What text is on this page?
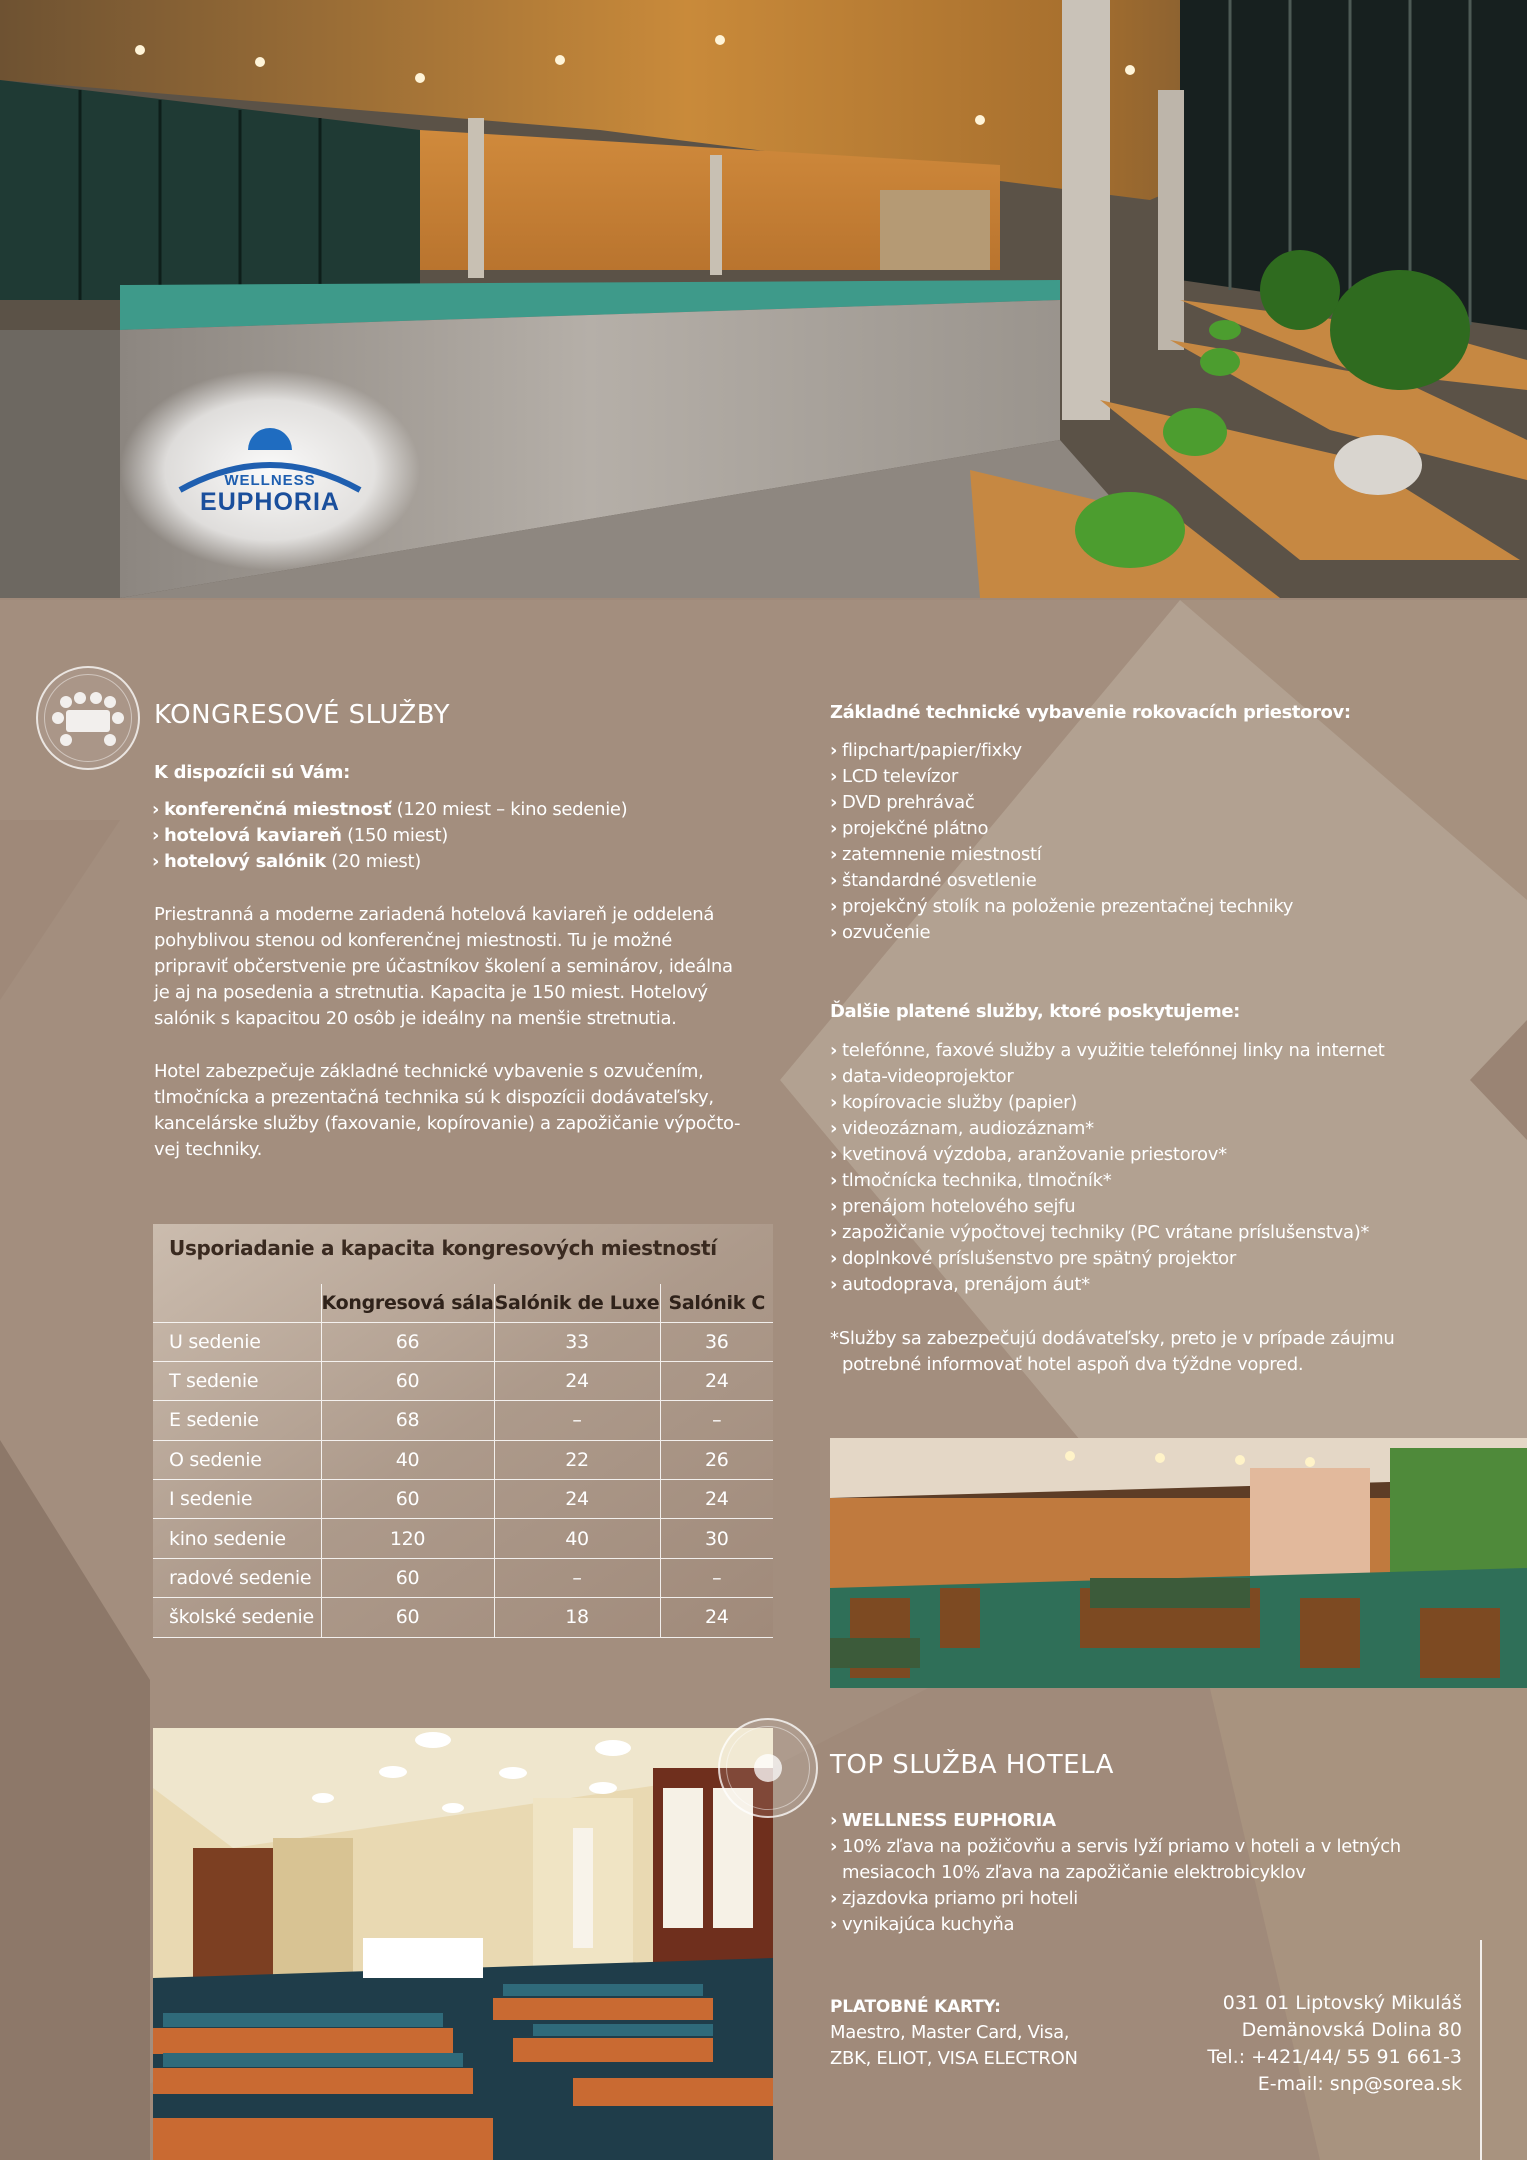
WELLNESS
EUPHORIA
KONGRESOVÉ SLUŽBY
K dispozícii sú Vám:
› konferenčná miestnosť (120 miest – kino sedenie)
› hotelová kaviareň (150 miest)
› hotelový salónik (20 miest)

Priestranná a moderne zariadená hotelová kaviareň je oddelená

pohyblivou stenou od konferenčnej miestnosti. Tu je možné

pripraviť občerstvenie pre účastníkov školení a seminárov, ideálna

je aj na posedenia a stretnutia. Kapacita je 150 miest. Hotelový

salónik s kapacitou 20 osôb je ideálny na menšie stretnutia.

Hotel zabezpečuje základné technické vybavenie s ozvučením,

tlmočnícka a prezentačná technika sú k dispozícii dodávateľsky,

kancelárske služby (faxovanie, kopírovanie) a zapožičanie výpočto-

vej techniky.

Usporiadanie a kapacita kongresových miestností
	Kongresová sála	Salónik de Luxe	Salónik C
U sedenie	66	33	36
T sedenie	60	24	24
E sedenie	68	–	–
O sedenie	40	22	26
I sedenie	60	24	24
kino sedenie	120	40	30
radové sedenie	60	–	–
školské sedenie	60	18	24
Základné technické vybavenie rokovacích priestorov:
› flipchart/papier/fixky
› LCD televízor
› DVD prehrávač
› projekčné plátno
› zatemnenie miestností
› štandardné osvetlenie
› projekčný stolík na položenie prezentačnej techniky
› ozvučenie
Ďalšie platené služby, ktoré poskytujeme:
› telefónne, faxové služby a využitie telefónnej linky na internet
› data-videoprojektor
› kopírovacie služby (papier)
› videozáznam, audiozáznam*
› kvetinová výzdoba, aranžovanie priestorov*
› tlmočnícka technika, tlmočník*
› prenájom hotelového sejfu
› zapožičanie výpočtovej techniky (PC vrátane príslušenstva)*
› doplnkové príslušenstvo pre spätný projektor
› autodoprava, prenájom áut*

*Služby sa zabezpečujú dodávateľsky, preto je v prípade záujmu

potrebné informovať hotel aspoň dva týždne vopred.

TOP SLUŽBA HOTELA
› WELLNESS EUPHORIA
› 10% zľava na požičovňu a servis lyží priamo v hoteli a v letných
mesiacoch 10% zľava na zapožičanie elektrobicyklov
› zjazdovka priamo pri hoteli
› vynikajúca kuchyňa
PLATOBNÉ KARTY:
Maestro, Master Card, Visa,
ZBK, ELIOT, VISA ELECTRON
031 01 Liptovský Mikuláš
Demänovská Dolina 80
Tel.: +421/44/ 55 91 661-3
E-mail: snp@sorea.sk
